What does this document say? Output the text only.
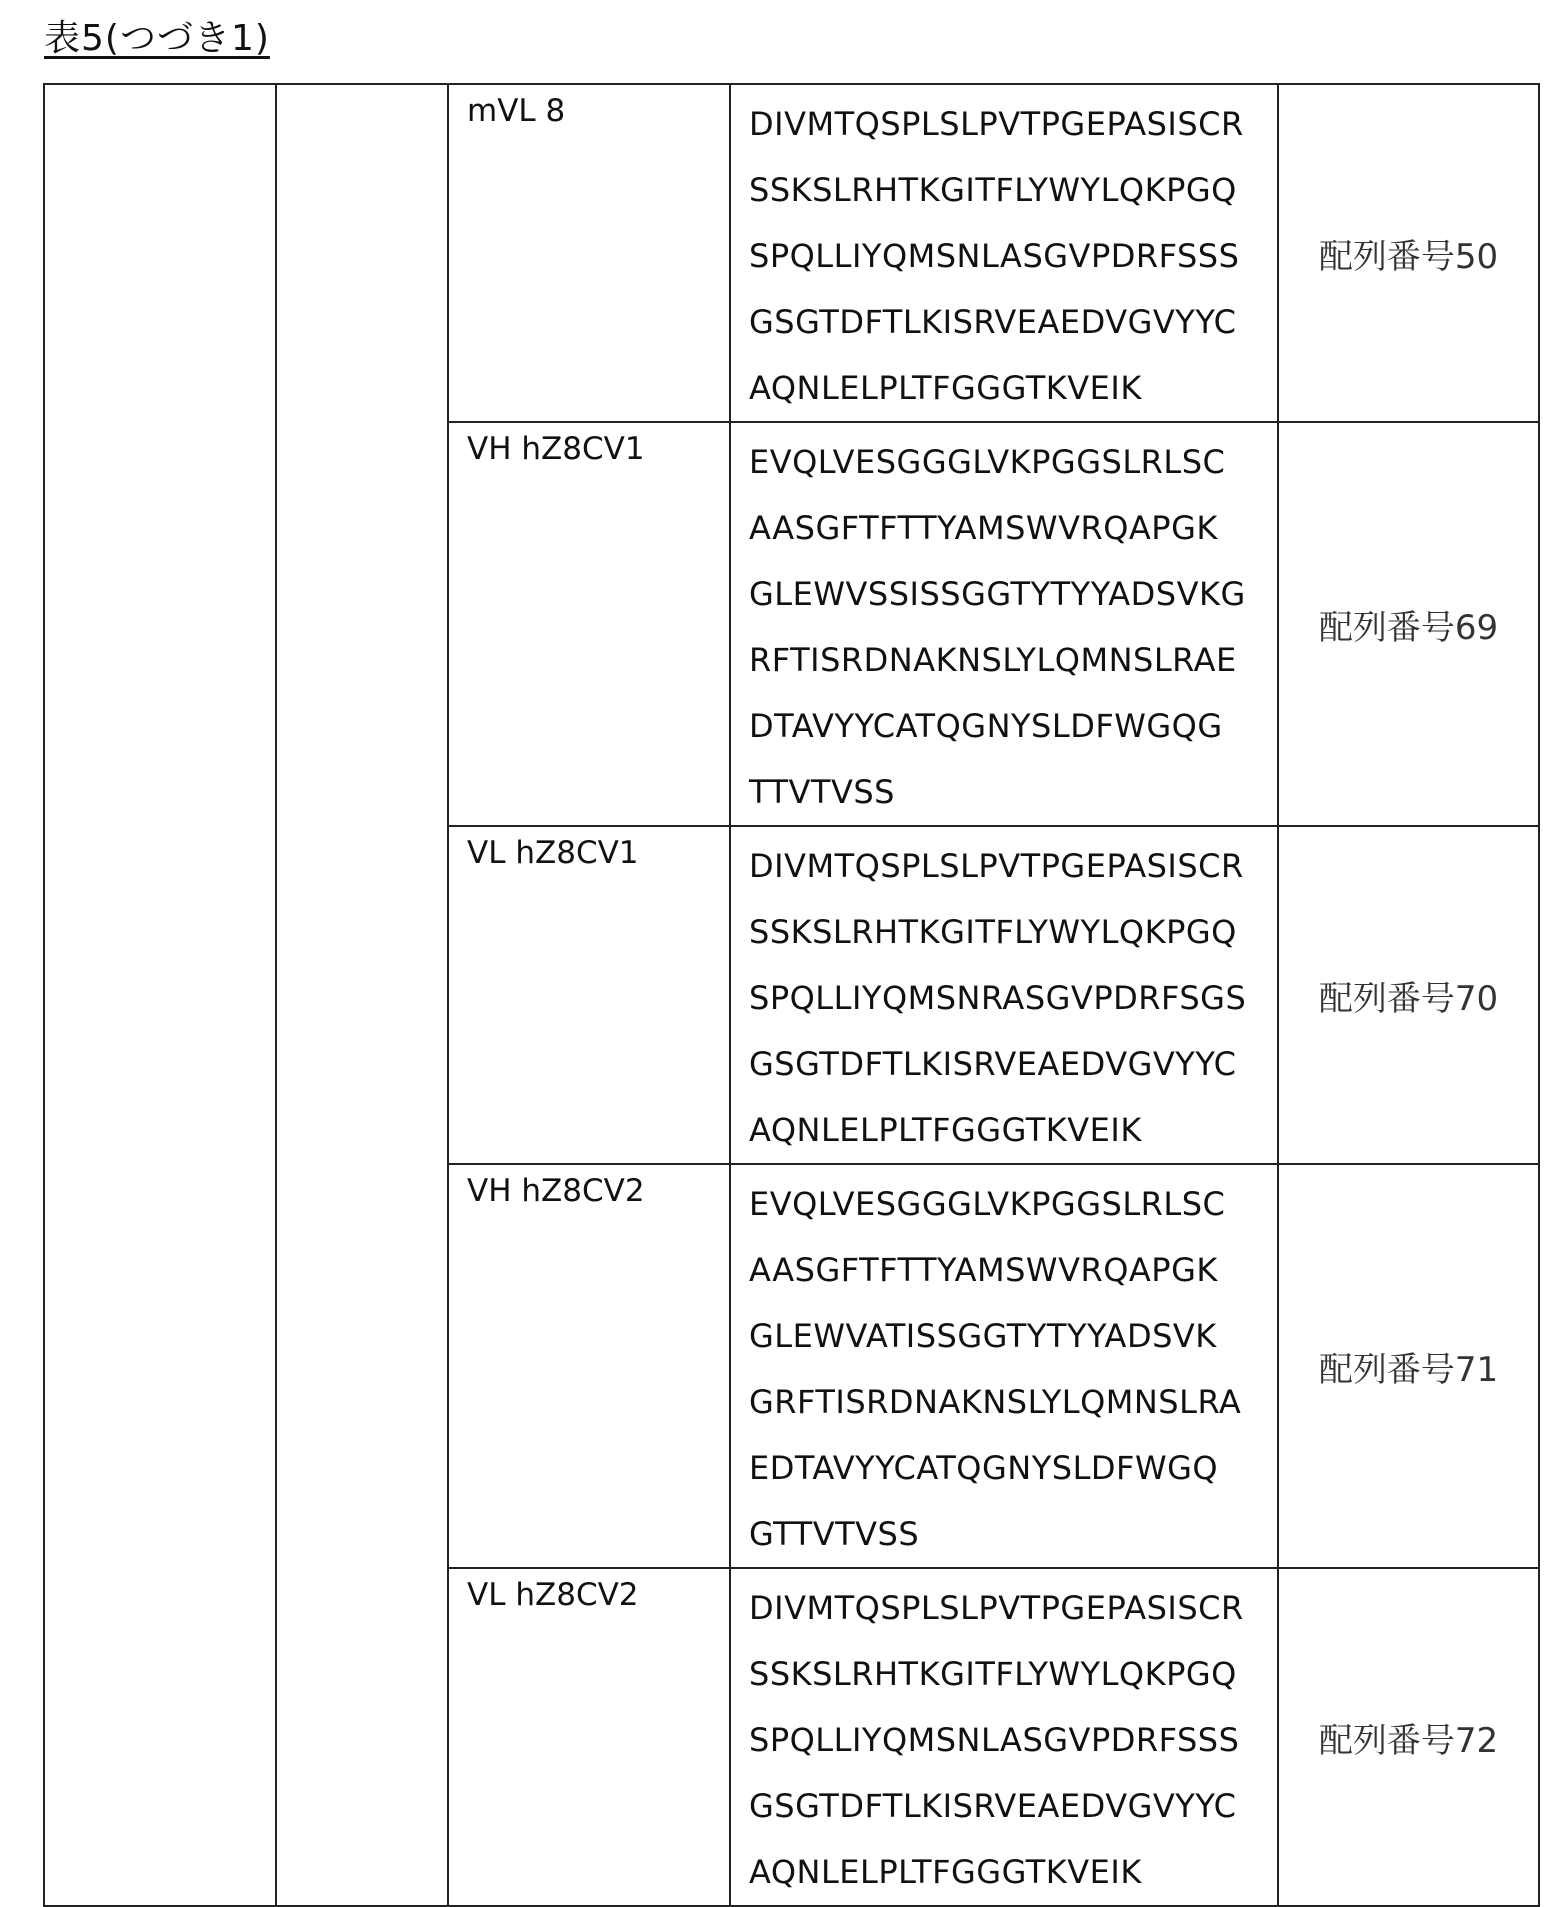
表5(つづき1)
		mVL 8	DIVMTQSPLSLPVTPGEPASISCR
SSKSLRHTKGITFLYWYLQKPGQ
SPQLLIYQMSNLASGVPDRFSSS
GSGTDFTLKISRVEAEDVGVYYC
AQNLELPLTFGGGTKVEIK
	配列番号50
VH hZ8CV1	EVQLVESGGGLVKPGGSLRLSC
AASGFTFTTYAMSWVRQAPGK
GLEWVSSISSGGTYTYYADSVKG
RFTISRDNAKNSLYLQMNSLRAE
DTAVYYCATQGNYSLDFWGQG
TTVTVSS
	配列番号69
VL hZ8CV1	DIVMTQSPLSLPVTPGEPASISCR
SSKSLRHTKGITFLYWYLQKPGQ
SPQLLIYQMSNRASGVPDRFSGS
GSGTDFTLKISRVEAEDVGVYYC
AQNLELPLTFGGGTKVEIK
	配列番号70
VH hZ8CV2	EVQLVESGGGLVKPGGSLRLSC
AASGFTFTTYAMSWVRQAPGK
GLEWVATISSGGTYTYYADSVK
GRFTISRDNAKNSLYLQMNSLRA
EDTAVYYCATQGNYSLDFWGQ
GTTVTVSS
	配列番号71
VL hZ8CV2	DIVMTQSPLSLPVTPGEPASISCR
SSKSLRHTKGITFLYWYLQKPGQ
SPQLLIYQMSNLASGVPDRFSSS
GSGTDFTLKISRVEAEDVGVYYC
AQNLELPLTFGGGTKVEIK
	配列番号72
